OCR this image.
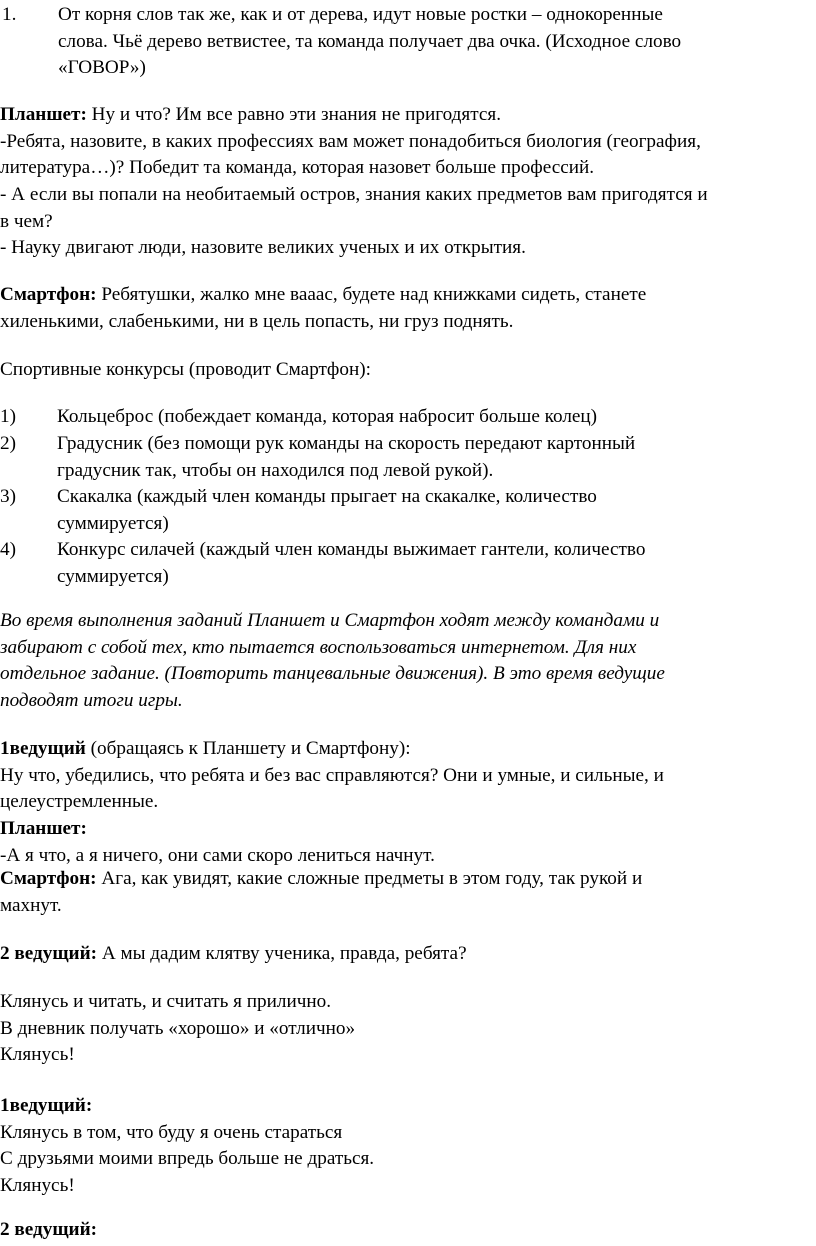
1. От корня слов так же, как и от дерева, идут новые ростки – однокоренные
слова. Чьё дерево ветвистее, та команда получает два очка. (Исходное слово
«ГОВОР»)
Планшет: Ну и что? Им все равно эти знания не пригодятся.
-Ребята, назовите, в каких профессиях вам может понадобиться биология (география,
литература…)? Победит та команда, которая назовет больше профессий.
- А если вы попали на необитаемый остров, знания каких предметов вам пригодятся и
в чем?
- Науку двигают люди, назовите великих ученых и их открытия.
Смартфон: Ребятушки, жалко мне вааас, будете над книжками сидеть, станете
хиленькими, слабенькими, ни в цель попасть, ни груз поднять.
Спортивные конкурсы (проводит Смартфон):
1) Кольцеброс (побеждает команда, которая набросит больше колец)
2) Градусник (без помощи рук команды на скорость передают картонный
градусник так, чтобы он находился под левой рукой).
3) Скакалка (каждый член команды прыгает на скакалке, количество
суммируется)
4) Конкурс силачей (каждый член команды выжимает гантели, количество
суммируется)
Во время выполнения заданий Планшет и Смартфон ходят между командами и
забирают с собой тех, кто пытается воспользоваться интернетом. Для них
отдельное задание. (Повторить танцевальные движения). В это время ведущие
подводят итоги игры.
1ведущий (обращаясь к Планшету и Смартфону):
Ну что, убедились, что ребята и без вас справляются? Они и умные, и сильные, и
целеустремленные.
Планшет:
-А я что, а я ничего, они сами скоро лениться начнут.
Смартфон: Ага, как увидят, какие сложные предметы в этом году, так рукой и
махнут.
2 ведущий: А мы дадим клятву ученика, правда, ребята?
Клянусь и читать, и считать я прилично.
В дневник получать «хорошо» и «отлично»
Клянусь!
1ведущий:
Клянусь в том, что буду я очень стараться
С друзьями моими впредь больше не драться.
Клянусь!
2 ведущий:
